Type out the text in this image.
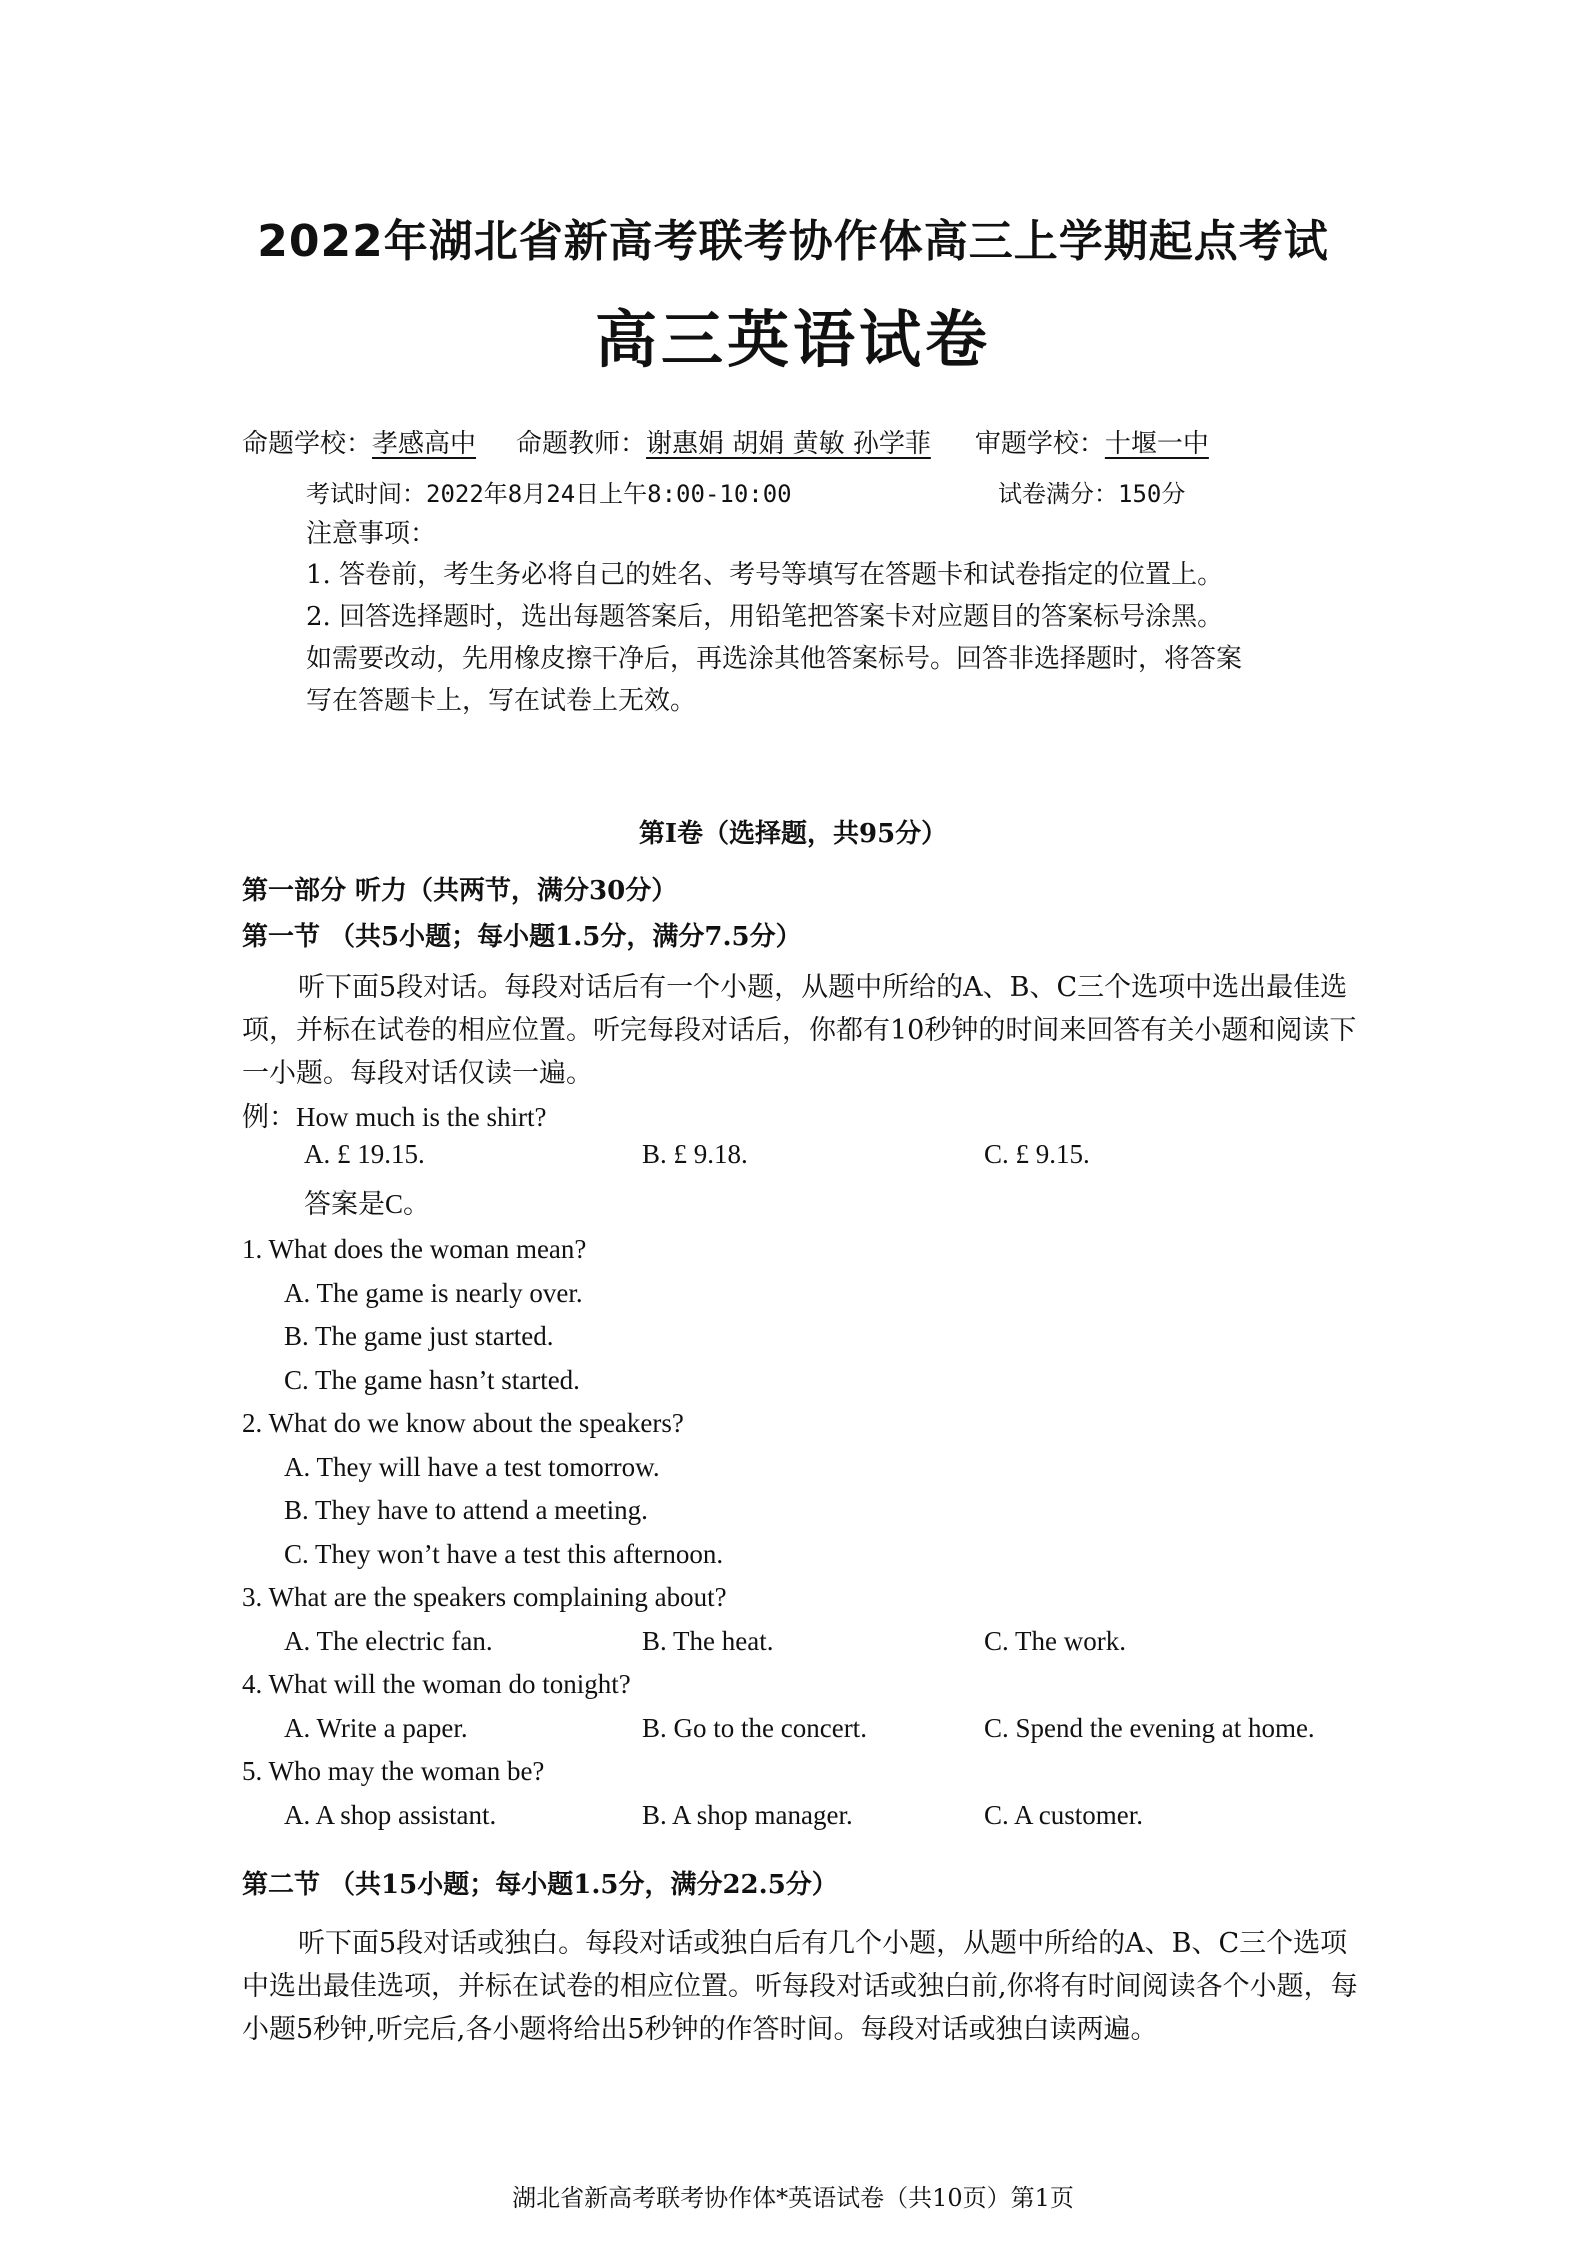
2022年湖北省新高考联考协作体高三上学期起点考试
高三英语试卷
命题学校：孝感高中 命题教师：谢惠娟 胡娟 黄敏 孙学菲 审题学校：十堰一中
考试时间：2022年8月24日上午8:00-10:00	试卷满分：150分
注意事项：
1. 答卷前，考生务必将自己的姓名、考号等填写在答题卡和试卷指定的位置上。
2. 回答选择题时，选出每题答案后，用铅笔把答案卡对应题目的答案标号涂黑。
如需要改动，先用橡皮擦干净后，再选涂其他答案标号。回答非选择题时，将答案
写在答题卡上，写在试卷上无效。
第I卷（选择题，共95分）
第一部分 听力（共两节，满分30分）
第一节 （共5小题；每小题1.5分，满分7.5分）
听下面5段对话。每段对话后有一个小题，从题中所给的A、B、C三个选项中选出最佳选项，并标在试卷的相应位置。听完每段对话后，你都有10秒钟的时间来回答有关小题和阅读下一小题。每段对话仅读一遍。
例：How much is the shirt?
A. £ 19.15.	B. £ 9.18.	C. £ 9.15.
答案是C。
1. What does the woman mean?
A. The game is nearly over.
B. The game just started.
C. The game hasn’t started.
2. What do we know about the speakers?
A. They will have a test tomorrow.
B. They have to attend a meeting.
C. They won’t have a test this afternoon.
3. What are the speakers complaining about?
A. The electric fan.	B. The heat.	C. The work.
4. What will the woman do tonight?
A. Write a paper.	B. Go to the concert.	C. Spend the evening at home.
5. Who may the woman be?
A. A shop assistant.	B. A shop manager.	C. A customer.
第二节 （共15小题；每小题1.5分，满分22.5分）
听下面5段对话或独白。每段对话或独白后有几个小题，从题中所给的A、B、C三个选项中选出最佳选项，并标在试卷的相应位置。听每段对话或独白前,你将有时间阅读各个小题，每小题5秒钟,听完后,各小题将给出5秒钟的作答时间。每段对话或独白读两遍。
湖北省新高考联考协作体*英语试卷（共10页）第1页
